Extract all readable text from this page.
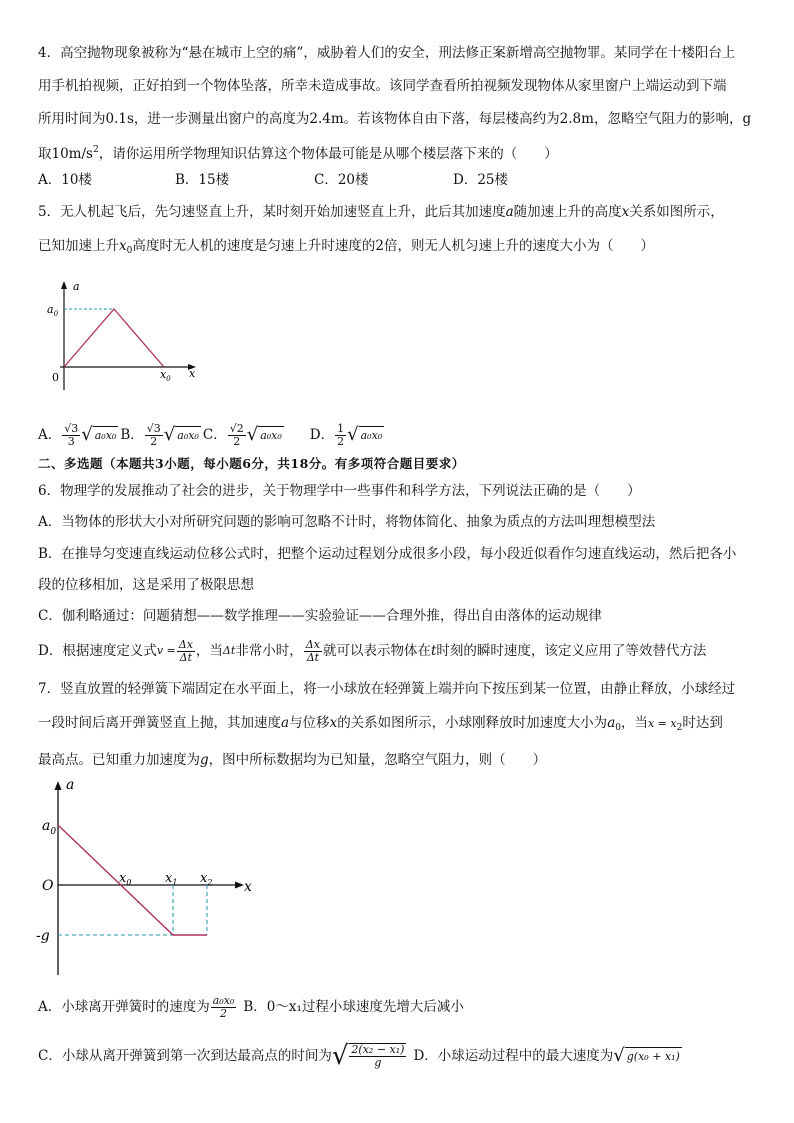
4．高空抛物现象被称为“悬在城市上空的痛”，威胁着人们的安全，刑法修正案新增高空抛物罪。某同学在十楼阳台上
用手机拍视频，正好拍到一个物体坠落，所幸未造成事故。该同学查看所拍视频发现物体从家里窗户上端运动到下端
所用时间为0.1s，进一步测量出窗户的高度为2.4m。若该物体自由下落，每层楼高约为2.8m，忽略空气阻力的影响，g
取$10m/s^2$，请你运用所学物理知识估算这个物体最可能是从哪个楼层落下来的（　　）
A．10楼	B．15楼	C．20楼	D．25楼
5．无人机起飞后，先匀速竖直上升，某时刻开始加速竖直上升，此后其加速度a随加速上升的高度x关系如图所示，
已知加速上升$x_0$高度时无人机的速度是匀速上升时速度的2倍，则无人机匀速上升的速度大小为（　　）
a
$a_0$
0	$x_0$ x
A． $\frac{√3}{3}$ √ a₀x₀ B． $\frac{√3}{2}$ √ a₀x₀ C． $\frac{√2}{2}$ √ a₀x₀ D． $\frac{1}{2}$ √ a₀x₀
二、多选题（本题共3小题，每小题6分，共18分。有多项符合题目要求）
6．物理学的发展推动了社会的进步，关于物理学中一些事件和科学方法，下列说法正确的是（　　）
A．当物体的形状大小对所研究问题的影响可忽略不计时，将物体简化、抽象为质点的方法叫理想模型法
B．在推导匀变速直线运动位移公式时，把整个运动过程划分成很多小段，每小段近似看作匀速直线运动，然后把各小
段的位移相加，这是采用了极限思想
C．伽利略通过：问题猜想——数学推理——实验验证——合理外推，得出自由落体的运动规律
D．根据速度定义式 $v = \frac{\Delta x}{\Delta t}$ ，当 Δt 非常小时， $\frac{\Delta x}{\Delta t}$ 就可以表示物体在 t 时刻的瞬时速度，该定义应用了等效替代方法
7．竖直放置的轻弹簧下端固定在水平面上，将一小球放在轻弹簧上端并向下按压到某一位置，由静止释放，小球经过
一段时间后离开弹簧竖直上抛，其加速度a与位移x的关系如图所示，小球刚释放时加速度大小为$a_0$，当$x = x_2$时达到
最高点。已知重力加速度为g，图中所标数据均为已知量，忽略空气阻力，则（　　）
a
$a_0$
O
-g
$x_0$	$x_1$ $x_2$ x
A．小球离开弹簧时的速度为 $\frac{\text{a₀x₀}}{2}$ B．0～x₁过程小球速度先增大后减小
C．小球从离开弹簧到第一次到达最高点的时间为 √ $\frac{\text{2(x₂ − x₁)}}{g}$ D．小球运动过程中的最大速度为 √ g(x₀ + x₁)
